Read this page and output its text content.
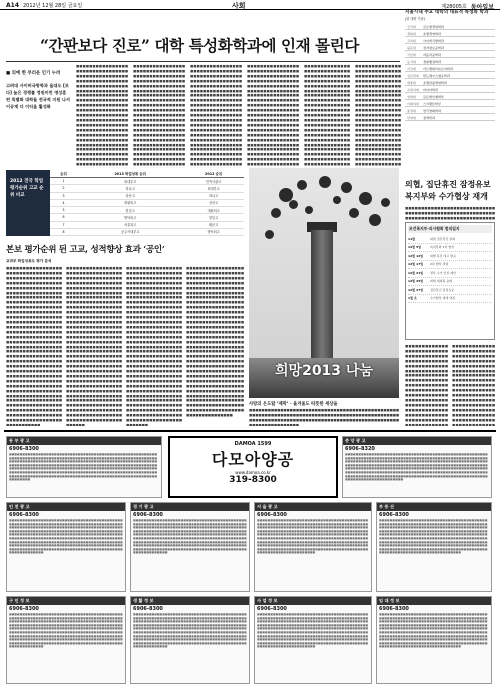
A14 2012년 12월 28일 금요일	사회	제28005호 동아일보
“간판보다 진로” 대학 특성화학과에 인재 몰린다
■ 의예 한 부러운 인기 누려
고려대 사이버국방학과 울대도 [보다] 높은 경쟁률 정원미만 명성훈련 특별화 대학들 전국적 지원 나서 이공계 더 이익을 활성화
■■■■■■■■■■■■■■■■■■■■■■■■■■■■■■■■■■■■■■■■■■■■■■■■■■■■■■■■■■■■■■■■■■■■■■■■■■■■■■■■■■■■■■■■■■■■■■■■■■■■■■■■■■■■■■■■■■■■■■■■■■■■■■■■■■■■■■■■■■■■■■■■■■■■■■■■■■■■■■■■■■■■■■■■■■■■■■■■■■■■■■■■■■■■■■■■■■■■■■■■■■■■■■■■■■■■■■■■■■■■■■■■■■■■■■■■■■■■■■■■■■■■■■■■■■■■■■■■■■■■■■■■■■■■■■■■■■■■■■■■■■■■■■■■■■■■■■■■■■■■■■■■■■■■■■■■■■■■■■■■■■■■■■■■■■■■■■■■
■■■■■■■■■■■■■■■■■■■■■■■■■■■■■■■■■■■■■■■■■■■■■■■■■■■■■■■■■■■■■■■■■■■■■■■■■■■■■■■■■■■■■■■■■■■■■■■■■■■■■■■■■■■■■■■■■■■■■■■■■■■■■■■■■■■■■■■■■■■■■■■■■■■■■■■■■■■■■■■■■■■■■■■■■■■■■■■■■■■■■■■■■■■■■■■■■■■■■■■■■■■■■■■■■■■■■■■■■■■■■■■■■■■■■■■■■■■■■■■■■■■■■■■■■■■■■■■■■■■■■■■■■■■■■■■■■■■■■■■■■■■■■■■■■■■■■■■■■■■■■■■■■■■■■■■■■■■■■■■■■■■■■■■■■■■■■■■■
■■■■■■■■■■■■■■■■■■■■■■■■■■■■■■■■■■■■■■■■■■■■■■■■■■■■■■■■■■■■■■■■■■■■■■■■■■■■■■■■■■■■■■■■■■■■■■■■■■■■■■■■■■■■■■■■■■■■■■■■■■■■■■■■■■■■■■■■■■■■■■■■■■■■■■■■■■■■■■■■■■■■■■■■■■■■■■■■■■■■■■■■■■■■■■■■■■■■■■■■■■■■■■■■■■■■■■■■■■■■■■■■■■■■■■■■■■■■■■■■■■■■■■■■■■■■■■■■■■■■■■■■■■■■■■■■■■■■■■■■■■■■■■■■■■■■■■■■■■■■■■■■■■■■■■■■■■■■■■■■■■■■■■■■■■■■■■■■
■■■■■■■■■■■■■■■■■■■■■■■■■■■■■■■■■■■■■■■■■■■■■■■■■■■■■■■■■■■■■■■■■■■■■■■■■■■■■■■■■■■■■■■■■■■■■■■■■■■■■■■■■■■■■■■■■■■■■■■■■■■■■■■■■■■■■■■■■■■■■■■■■■■■■■■■■■■■■■■■■■■■■■■■■■■■■■■■■■■■■■■■■■■■■■■■■■■■■■■■■■■■■■■■■■■■■■■■■■■■■■■■■■■■■■■■■■■■■■■■■■■■■■■■■■■■■■■■■■■■■■■■■■■■■■■■■■■■■■■■■■■■■■■■■■■■■■■■■■■■■■■■■■■■■■■■■■■■■■■■■■■■■■■■■■■■■■■■
■■■■■■■■■■■■■■■■■■■■■■■■■■■■■■■■■■■■■■■■■■■■■■■■■■■■■■■■■■■■■■■■■■■■■■■■■■■■■■■■■■■■■■■■■■■■■■■■■■■■■■■■■■■■■■■■■■■■■■■■■■■■■■■■■■■■■■■■■■■■■■■■■■■■■■■■■■■■■■■■■■■■■■■■■■■■■■■■■■■■■■■■■■■■■■■■■■■■■■■■■■■■■■■■■■■■■■■■■■■■■■■■■■■■■■■■■■■■■■■■■■■■■■■■■■■■■■■■■■■■■■■■■■■■■■■■■■■■■■■■■■■■■■■■■■■■■■
■■■■■■■■■■■■■■■■■■■■■■■■■■■■■■■■■■■■■■■■■■■■■■■■■■■■■■■■■■■■■■■■■■■■■■■■■■■■■■■■■■■■■■■■■■■■■■■■■■■■■■■■■■■■■■■■■■■■■■■■■■■■■■■■■■■■■■■■■■■■■■■■■■■■■■■■■■■■■■■■■■■■■■■■■■■■■■■■■■■■■■■■■■■■■■■■■■■■■■■■■■■■■■■■■■■■■■■■■■■■■■■■■■■■■■■■■■■■■■■■■■■■■■■■■■■■■■■■■■■■■■■■■■■■■■■■■■■■■■■■■■■■■■■■■■■■■■
서울시내 주요 대학의 대표적 특성화 학과
(한 대학 기준)
건국대	글로벌경영학과
경희대	호텔경영학과
고려대	사이버국방학과
광운대	전자정보공학과
국민대	자동차공학과
동국대	경찰행정학과
서강대	아트앤테크놀로지학과
성균관대	반도체시스템공학과
세종대	호텔관광경영학과
숙명여대	미디어학과
연세대	글로벌인재학부
이화여대	스크랜튼학부
중앙대	연극영화학과
한양대	정책학과
2012 전국 학업 평가순위 고교 순위 비교
순위	2013 학업성취 순위	2012 순위
1	외대부고	민족사관고
2	하나고	외대부고
3	상산고	하나고
4	대원외고	상산고
5	한일고	대원외고
6	명덕외고	한일고
7	서울과고	휘문고
8	공주사대부고	명덕외고
본보 평가순위 뒨 고교, 성적향상 효과 ‘공인’
교과부 학업성취도 평가 분석
■■■■■■■■■■■■■■■■■■■■■■■■■■■■■■■■■■■■■■■■■■■■■■■■■■■■■■■■■■■■■■■■■■■■■■■■■■■■■■■■■■■■■■■■■■■■■■■■■■■■■■■■■■■■■■■■■■■■■■■■■■■■■■■■■■■■■■■■■■■■■■■■■■■■■■■■■■■■■■■■■■■■■■■■■■■■■■■■■■■■■■■■■■■■■■■■■■■■■■■■■■■■■■■■■■■■■■■■■■■■■■■■■■■■■■■■■■■■■■■■■■■■■■■■■■■■■■■■■■■■■■■■■■■■■■■■■■■■■■■■■■■■■■■■■■■■■■■■■■■■■■■■■■■■■■■■■■■■■■■■■■■■■■■■■■■■■■■■■■■■■■■■■■■■■■■■■■■■■■■■■■■■■■■■■■■■■■■■■■■■■■■■■■■■■■■■■■■■■■■■■■■■■■■■■■■■■■■■■■■■■■■■■■■■■■■■■■■■■■■■■■■■■■■■■■■■■■■■■■■■■■■■■■■■■■■■■■■■■■■■■■■■■■■■■■■■■■■■■■■■■■■■■■■■■■■■■■■■■■■■■■■■■■■■■■■■■■■■■■■■■■■■■■■■■■■■■■■
■■■■■■■■■■■■■■■■■■■■■■■■■■■■■■■■■■■■■■■■■■■■■■■■■■■■■■■■■■■■■■■■■■■■■■■■■■■■■■■■■■■■■■■■■■■■■■■■■■■■■■■■■■■■■■■■■■■■■■■■■■■■■■■■■■■■■■■■■■■■■■■■■■■■■■■■■■■■■■■■■■■■■■■■■■■■■■■■■■■■■■■■■■■■■■■■■■■■■■■■■■■■■■■■■■■■■■■■■■■■■■■■■■■■■■■■■■■■■■■■■■■■■■■■■■■■■■■■■■■■■■■■■■■■■■■■■■■■■■■■■■■■■■■■■■■■■■■■■■■■■■■■■■■■■■■■■■■■■■■■■■■■■■■■■■■■■■■■■■■■■■■■■■■■■■■■■■■■■■■■■■■■■■■■■■■■■■■■■■■■■■■■■■■■■■■■■■■■■■■■■■■■■■■■■■■■■■■■■■■■■■■■■■■■■■■■■■■■■■■■■■■■■■■■■■■■■■■■■■■■■■■■■■■■■■■■■■■■■■■■■■■■■■■■■■■■■■■■■■■■■■■■■■■■■■■■■■■■■■■■■■■■■■■■■■■■■■■■■■■■■■■■■■■■■■
■■■■■■■■■■■■■■■■■■■■■■■■■■■■■■■■■■■■■■■■■■■■■■■■■■■■■■■■■■■■■■■■■■■■■■■■■■■■■■■■■■■■■■■■■■■■■■■■■■■■■■■■■■■■■■■■■■■■■■■■■■■■■■■■■■■■■■■■■■■■■■■■■■■■■■■■■■■■■■■■■■■■■■■■■■■■■■■■■■■■■■■■■■■■■■■■■■■■■■■■■■■■■■■■■■■■■■■■■■■■■■■■■■■■■■■■■■■■■■■■■■■■■■■■■■■■■■■■■■■■■■■■■■■■■■■■■■■■■■■■■■■■■■■■■■■■■■■■■■■■■■■■■■■■■■■■■■■■■■■■■■■■■■■■■■■■■■■■■■■■■■■■■■■■■■■■■■■■■■■■■■■■■■■■■■■■■■■■■■■■■■■■■■■■■■■■■■■■■■■■■■■■■■■■■■■■■■■■■■■■■■■■■■■■■■■■■■■■■■■■■■■■■■■■■■■■■■■■■■■■■■■■■■■■■■■■■■■■■■■■■■■■■■■■■■■■■■■■■■■■■■■■■■■■■■■■■■■■■■■■■■■■■■■■■■■■■■■■■■■■■■■■■■■■■■■
■■■■■■■■■■■■■■■■■■■■■■■■■■■■■■■■■■■■■■■■■■■■■■■■■■■■■■■■■■■■■■■■■■■■■■■■■■■■■■■■■■■■■■■■■■■■■■■■■■■■■■■■■■■■■■■■■■■■■■■■■■■■■■■■■■■■■■■■■■■■■■■■■■■■■■■■■■■■■■■■■■■■■■■■■■■■■■■■■■■■■■■■■■■■■■■■■■■■■■■■■■■■■■■■■■■■■■■■■■■■■■■■■■■■■■■■■■■■■■■■■■■■■■■■■■■■■■■■■■■■■■■■■■■■■■■■■■■■■■■■■■■■■■■■■■■■■■■■■■■■■■■■■■■■■■■■■■■■■■■■■■■■■■■■■■■■■■■■■■■■■■■■■■■■■■■■■■■■■■■■■■■■■■■■■■■■■■■■■■■■■■■■■■■■■■■■■■■■■■■■■■■■■■■■■■■■■■■■■■■■■■■■■■■■■■■■■■■■■■■■■■■■■■■■■■■■■■■■■■■■■■■■■■■■■■■■■■■■■■■■■■■■■■■■■■■■■■■■■■■■■■■■■■■■■■■■■■■■■■■■■■■■■■■■■■■■■■■■■■■■■■■■■■■■■■■■■■■
희망2013 나눔
사랑의 온도탑 ‘제막’ · 올겨울도 따뜻한 세상을
■■■■■■■■■■■■■■■■■■■■■■■■■■■■■■■■■■■■■■■■■■■■■■■■■■■■■■■■■■■■■■■■■■■■■■■■■■■■■■■■■■■■■■■■■■■■■■■■■■■■■■■■■■■■■■■■■■■■■■■■■■■■■■■■■■■■■■■■■■■■■■■■■■■■■■■■■■■■■■■■
의협, 집단휴진 잠정유보
복지부와 수가협상 재개
■■■■■■■■■■■■■■■■■■■■■■■■■■■■■■■■■■■■■■■■■■■■■■■■■■■■■■■■■■■■■■■■■■■■■■■■■■■■■■■■■■■■
보건복지부-의사협회 합의일지
11월	의협 집단휴진 결의
12월 5일	복지부와 1차 협상
12월 12일	의협 휴진 예고 발표
12월 17일	2차 협상 결렬
12월 21일	정부 수가 인상 제안
12월 25일	의협 대의원 총회
12월 27일	집단휴진 잠정유보
1월 초	수가협상 재개 예정
■■■■■■■■■■■■■■■■■■■■■■■■■■■■■■■■■■■■■■■■■■■■■■■■■■■■■■■■■■■■■■■■■■■■■■■■■■■■■■■■■■■■■■■■■■■■■■■■■■■■■■■■■■■■■■■■■■■■■■■■■■■■■■■■■■■■■■■■■■■■■■■■■■■■■■■■■■■■■■■■■■■■■■■■■■■■■■■■■■■■■■■■■■■■■■■■■■■■■■■■■■■■■■■■■■■■■■■■■■■■■
■■■■■■■■■■■■■■■■■■■■■■■■■■■■■■■■■■■■■■■■■■■■■■■■■■■■■■■■■■■■■■■■■■■■■■■■■■■■■■■■■■■■■■■■■■■■■■■■■■■■■■■■■■■■■■■■■■■■■■■■■■■■■■■■■■■■■■■■■■■■■■■■■■■■■■■■■■■■■■■■■■■■■■■■■■■■■■■■■■■■■■■■■■■■■■■■■■■■■■■■■■■■■■■■■■■■■■■■■■■■■
DAMOA 1599
다모아양공
www.damoa.co.kr
319-8300
동 부 광 고
6906-8300
■■■■■■■■■■■■■■■■■■■■■■■■■■■■■■■■■■■■■■■■■■■■■■■■■■■■■■■■■■■■■■■■■■■■■■■■■■■■■■■■■■■■■■■■■■■■■■■■■■■■■■■■■■■■■■■■■■■■■■■■■■■■■■■■■■■■■■■■■■■■■■■■■■■■■■■■■■■■■■■■■■■■■■■■■■■■■■■■■■■■■■■■■■■■■■■■■■■■■■■■■■■■■■■■■■■■■■■■■■■■■■■■■■■■■■■■■■■■■■■■■■■■■■■■■■■■■■■■■■■■■■■■■■■■■■■■■■■■■■■■■■■■■■■■■■■■■■■■■■■■■■■■■■■■■■■■■■■■■■■■■■■■■■■■■■■■■■■■■■■■■■■■■■■■■■■■■■■■■■■■■■■■■■■■■■■■■■■■■■■■■■■■■■■■■■■■■■■■■■■■
중 앙 광 고
6906-8320
■■■■■■■■■■■■■■■■■■■■■■■■■■■■■■■■■■■■■■■■■■■■■■■■■■■■■■■■■■■■■■■■■■■■■■■■■■■■■■■■■■■■■■■■■■■■■■■■■■■■■■■■■■■■■■■■■■■■■■■■■■■■■■■■■■■■■■■■■■■■■■■■■■■■■■■■■■■■■■■■■■■■■■■■■■■■■■■■■■■■■■■■■■■■■■■■■■■■■■■■■■■■■■■■■■■■■■■■■■■■■■■■■■■■■■■■■■■■■■■■■■■■■■■■■■■■■■■■■■■■■■■■■■■■■■■■■■■■■■■■■■■■■■■■■■■■■■■■■■■■■■■■■■■■■■■■■■■■■■■■■■■■■■■■■■■■■■■■■■■■■■■■■■■■■■■■■■■■■■■■■■■■■■■■■■■■■■■■■■■■■■■■■■■■■■■■■■■■■■■■
인 천 광 고
6906-8300
■■■■■■■■■■■■■■■■■■■■■■■■■■■■■■■■■■■■■■■■■■■■■■■■■■■■■■■■■■■■■■■■■■■■■■■■■■■■■■■■■■■■■■■■■■■■■■■■■■■■■■■■■■■■■■■■■■■■■■■■■■■■■■■■■■■■■■■■■■■■■■■■■■■■■■■■■■■■■■■■■■■■■■■■■■■■■■■■■■■■■■■■■■■■■■■■■■■■■■■■■■■■■■■■■■■■■■■■■■■■■■■■■■■■■■■■■■■■■■■■■■■■■■■■■■■■■■■■■■■■■■■■■■■■■■■■■■■■■■■■■■■■■■■■■■■■■■■■■■■■■■■■■■■■■■■■■■■■■■■■■■■■■■■■■■■■■■■■■■■■■■■■■■■■■■■■■■■■■■■■■■■■■■■■■■■■■■■■■■■■■■■■■■■■■■■■■■■■■■■■
경 기 광 고
6906-8300
■■■■■■■■■■■■■■■■■■■■■■■■■■■■■■■■■■■■■■■■■■■■■■■■■■■■■■■■■■■■■■■■■■■■■■■■■■■■■■■■■■■■■■■■■■■■■■■■■■■■■■■■■■■■■■■■■■■■■■■■■■■■■■■■■■■■■■■■■■■■■■■■■■■■■■■■■■■■■■■■■■■■■■■■■■■■■■■■■■■■■■■■■■■■■■■■■■■■■■■■■■■■■■■■■■■■■■■■■■■■■■■■■■■■■■■■■■■■■■■■■■■■■■■■■■■■■■■■■■■■■■■■■■■■■■■■■■■■■■■■■■■■■■■■■■■■■■■■■■■■■■■■■■■■■■■■■■■■■■■■■■■■■■■■■■■■■■■■■■■■■■■■■■■■■■■■■■■■■■■■■■■■■■■■■■■■■■■■■■■■■■■■■■■■■■■■■■■■■■■■
서 울 광 고
6906-8300
■■■■■■■■■■■■■■■■■■■■■■■■■■■■■■■■■■■■■■■■■■■■■■■■■■■■■■■■■■■■■■■■■■■■■■■■■■■■■■■■■■■■■■■■■■■■■■■■■■■■■■■■■■■■■■■■■■■■■■■■■■■■■■■■■■■■■■■■■■■■■■■■■■■■■■■■■■■■■■■■■■■■■■■■■■■■■■■■■■■■■■■■■■■■■■■■■■■■■■■■■■■■■■■■■■■■■■■■■■■■■■■■■■■■■■■■■■■■■■■■■■■■■■■■■■■■■■■■■■■■■■■■■■■■■■■■■■■■■■■■■■■■■■■■■■■■■■■■■■■■■■■■■■■■■■■■■■■■■■■■■■■■■■■■■■■■■■■■■■■■■■■■■■■■■■■■■■■■■■■■■■■■■■■■■■■■■■■■■■■■■■■■■■■■■■■■■■■■■■■■
부 동 산
6906-8300
■■■■■■■■■■■■■■■■■■■■■■■■■■■■■■■■■■■■■■■■■■■■■■■■■■■■■■■■■■■■■■■■■■■■■■■■■■■■■■■■■■■■■■■■■■■■■■■■■■■■■■■■■■■■■■■■■■■■■■■■■■■■■■■■■■■■■■■■■■■■■■■■■■■■■■■■■■■■■■■■■■■■■■■■■■■■■■■■■■■■■■■■■■■■■■■■■■■■■■■■■■■■■■■■■■■■■■■■■■■■■■■■■■■■■■■■■■■■■■■■■■■■■■■■■■■■■■■■■■■■■■■■■■■■■■■■■■■■■■■■■■■■■■■■■■■■■■■■■■■■■■■■■■■■■■■■■■■■■■■■■■■■■■■■■■■■■■■■■■■■■■■■■■■■■■■■■■■■■■■■■■■■■■■■■■■■■■■■■■■■■■■■■■■■■■■■■■■■■■■■
구 인 정 보
6906-8300
■■■■■■■■■■■■■■■■■■■■■■■■■■■■■■■■■■■■■■■■■■■■■■■■■■■■■■■■■■■■■■■■■■■■■■■■■■■■■■■■■■■■■■■■■■■■■■■■■■■■■■■■■■■■■■■■■■■■■■■■■■■■■■■■■■■■■■■■■■■■■■■■■■■■■■■■■■■■■■■■■■■■■■■■■■■■■■■■■■■■■■■■■■■■■■■■■■■■■■■■■■■■■■■■■■■■■■■■■■■■■■■■■■■■■■■■■■■■■■■■■■■■■■■■■■■■■■■■■■■■■■■■■■■■■■■■■■■■■■■■■■■■■■■■■■■■■■■■■■■■■■■■■■■■■■■■■■■■■■■■■■■■■■■■■■■■■■■■■■■■■■■■■■■■■■■■■■■■■■■■■■■■■■■■■■■■■■■■■■■■■■■■■■■■■■■■■■■■■■■■
생 활 정 보
6906-8300
■■■■■■■■■■■■■■■■■■■■■■■■■■■■■■■■■■■■■■■■■■■■■■■■■■■■■■■■■■■■■■■■■■■■■■■■■■■■■■■■■■■■■■■■■■■■■■■■■■■■■■■■■■■■■■■■■■■■■■■■■■■■■■■■■■■■■■■■■■■■■■■■■■■■■■■■■■■■■■■■■■■■■■■■■■■■■■■■■■■■■■■■■■■■■■■■■■■■■■■■■■■■■■■■■■■■■■■■■■■■■■■■■■■■■■■■■■■■■■■■■■■■■■■■■■■■■■■■■■■■■■■■■■■■■■■■■■■■■■■■■■■■■■■■■■■■■■■■■■■■■■■■■■■■■■■■■■■■■■■■■■■■■■■■■■■■■■■■■■■■■■■■■■■■■■■■■■■■■■■■■■■■■■■■■■■■■■■■■■■■■■■■■■■■■■■■■■■■■■■■
사 업 정 보
6906-8300
■■■■■■■■■■■■■■■■■■■■■■■■■■■■■■■■■■■■■■■■■■■■■■■■■■■■■■■■■■■■■■■■■■■■■■■■■■■■■■■■■■■■■■■■■■■■■■■■■■■■■■■■■■■■■■■■■■■■■■■■■■■■■■■■■■■■■■■■■■■■■■■■■■■■■■■■■■■■■■■■■■■■■■■■■■■■■■■■■■■■■■■■■■■■■■■■■■■■■■■■■■■■■■■■■■■■■■■■■■■■■■■■■■■■■■■■■■■■■■■■■■■■■■■■■■■■■■■■■■■■■■■■■■■■■■■■■■■■■■■■■■■■■■■■■■■■■■■■■■■■■■■■■■■■■■■■■■■■■■■■■■■■■■■■■■■■■■■■■■■■■■■■■■■■■■■■■■■■■■■■■■■■■■■■■■■■■■■■■■■■■■■■■■■■■■■■■■■■■■■■
임 대 정 보
6906-8300
■■■■■■■■■■■■■■■■■■■■■■■■■■■■■■■■■■■■■■■■■■■■■■■■■■■■■■■■■■■■■■■■■■■■■■■■■■■■■■■■■■■■■■■■■■■■■■■■■■■■■■■■■■■■■■■■■■■■■■■■■■■■■■■■■■■■■■■■■■■■■■■■■■■■■■■■■■■■■■■■■■■■■■■■■■■■■■■■■■■■■■■■■■■■■■■■■■■■■■■■■■■■■■■■■■■■■■■■■■■■■■■■■■■■■■■■■■■■■■■■■■■■■■■■■■■■■■■■■■■■■■■■■■■■■■■■■■■■■■■■■■■■■■■■■■■■■■■■■■■■■■■■■■■■■■■■■■■■■■■■■■■■■■■■■■■■■■■■■■■■■■■■■■■■■■■■■■■■■■■■■■■■■■■■■■■■■■■■■■■■■■■■■■■■■■■■■■■■■■■■
